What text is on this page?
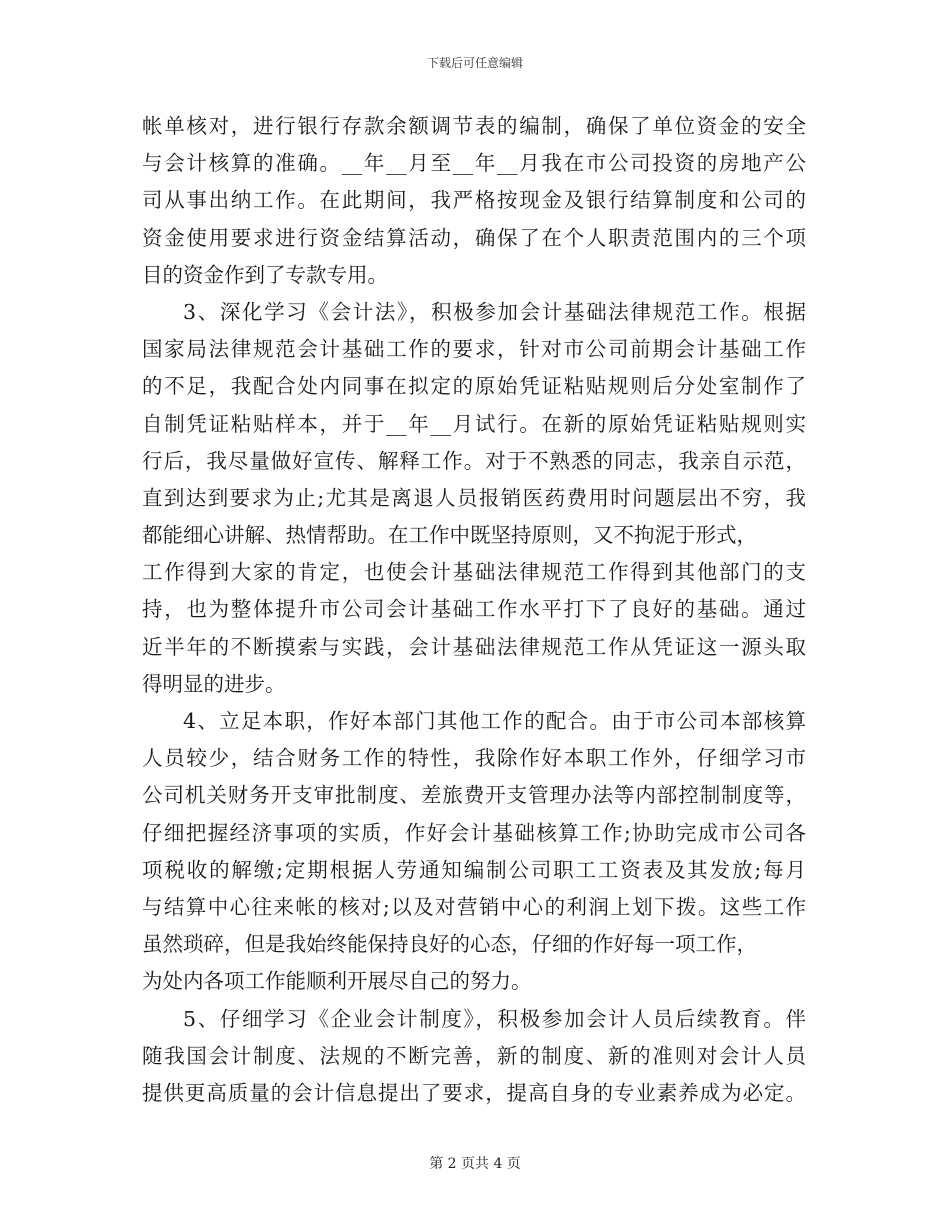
下载后可任意编辑
帐单核对，进行银行存款余额调节表的编制，确保了单位资金的安全
与会计核算的准确。__年__月至__年__月我在市公司投资的房地产公
司从事出纳工作。在此期间，我严格按现金及银行结算制度和公司的
资金使用要求进行资金结算活动，确保了在个人职责范围内的三个项
目的资金作到了专款专用。
3、深化学习《会计法》，积极参加会计基础法律规范工作。根据
国家局法律规范会计基础工作的要求，针对市公司前期会计基础工作
的不足，我配合处内同事在拟定的原始凭证粘贴规则后分处室制作了
自制凭证粘贴样本，并于__年__月试行。在新的原始凭证粘贴规则实
行后，我尽量做好宣传、解释工作。对于不熟悉的同志，我亲自示范，
直到达到要求为止;尤其是离退人员报销医药费用时问题层出不穷，我
都能细心讲解、热情帮助。在工作中既坚持原则，又不拘泥于形式，
工作得到大家的肯定，也使会计基础法律规范工作得到其他部门的支
持，也为整体提升市公司会计基础工作水平打下了良好的基础。通过
近半年的不断摸索与实践，会计基础法律规范工作从凭证这一源头取
得明显的进步。
4、立足本职，作好本部门其他工作的配合。由于市公司本部核算
人员较少，结合财务工作的特性，我除作好本职工作外，仔细学习市
公司机关财务开支审批制度、差旅费开支管理办法等内部控制制度等，
仔细把握经济事项的实质，作好会计基础核算工作;协助完成市公司各
项税收的解缴;定期根据人劳通知编制公司职工工资表及其发放;每月
与结算中心往来帐的核对;以及对营销中心的利润上划下拨。这些工作
虽然琐碎，但是我始终能保持良好的心态，仔细的作好每一项工作，
为处内各项工作能顺利开展尽自己的努力。
5、仔细学习《企业会计制度》，积极参加会计人员后续教育。伴
随我国会计制度、法规的不断完善，新的制度、新的准则对会计人员
提供更高质量的会计信息提出了要求，提高自身的专业素养成为必定。
第 2 页共 4 页
